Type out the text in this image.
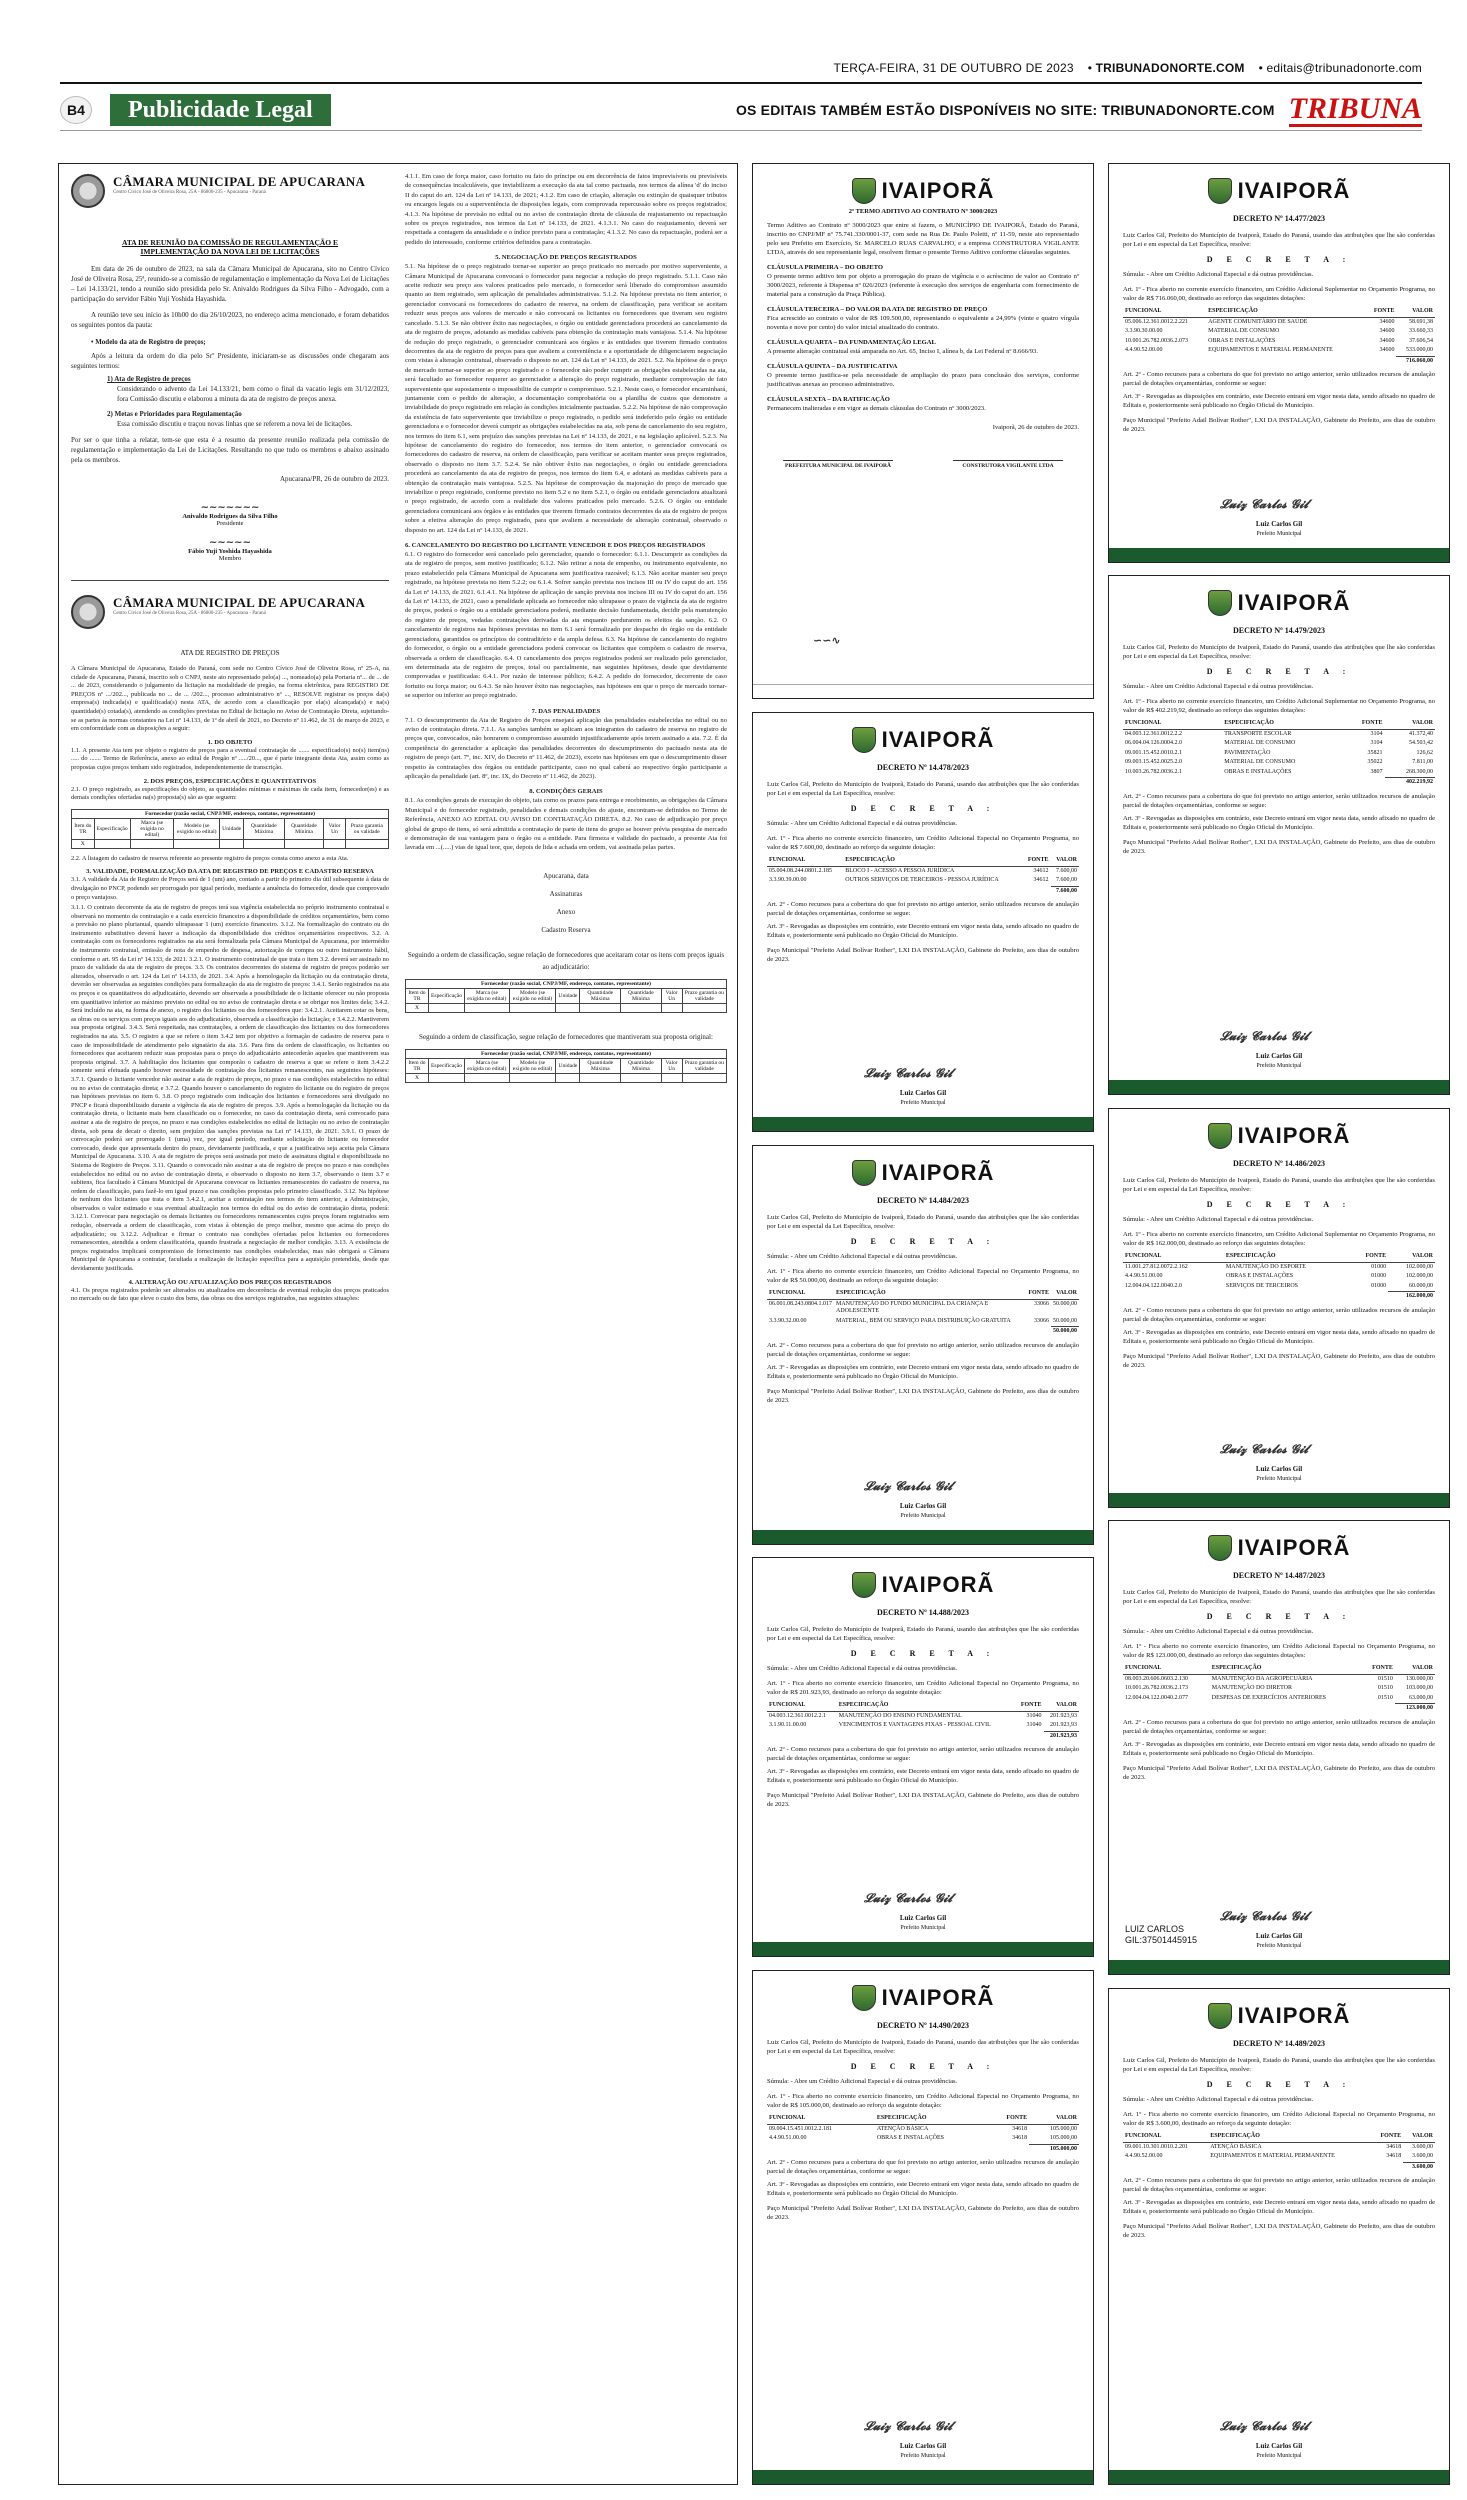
TERÇA-FEIRA, 31 DE OUTUBRO DE 2023 • TRIBUNADONORTE.COM • editais@tribunadonorte.com
B4	Publicidade Legal	OS EDITAIS TAMBÉM ESTÃO DISPONÍVEIS NO SITE: TRIBUNADONORTE.COM TRIBUNA
CÂMARA MUNICIPAL DE APUCARANA
Centro Cívico José de Oliveira Rosa, 25A - 86800-235 - Apucarana - Paraná
ATA DE REUNIÃO DA COMISSÃO DE REGULAMENTAÇÃO E
IMPLEMENTAÇÃO DA NOVA LEI DE LICITAÇÕES

Em data de 26 de outubro de 2023, na sala da Câmara Municipal de Apucarana, sito no Centro Cívico José de Oliveira Rosa, 25ª, reunido-se a comissão de regulamentação e implementação da Nova Lei de Licitações – Lei 14.133/21, tendo a reunião sido presidida pelo Sr. Anivaldo Rodrigues da Silva Filho - Advogado, com a participação do servidor Fábio Yuji Yoshida Hayashida.

A reunião teve seu início às 10h00 do dia 26/10/2023, no endereço acima mencionado, e foram debatidos os seguintes pontos da pauta:

• Modelo da ata de Registro de preços;

Após a leitura da ordem do dia pelo Srº Presidente, iniciaram-se as discussões onde chegaram aos seguintes termos:

1) Ata de Registro de preços

Considerando o advento da Lei 14.133/21, bem como o final da vacatio legis em 31/12/2023, fora Comissão discutiu e elaborou a minuta da ata de registro de preços anexa.

2) Metas e Prioridades para Regulamentação

Essa comissão discutiu e traçou novas linhas que se referem a nova lei de licitações.

Por ser o que tinha a relatar, tem-se que esta é a resumo da presente reunião realizada pela comissão de regulamentação e implementação da Lei de Licitações. Resultando no que tudo os membros e abaixo assinado pela os membros.

Apucarana/PR, 26 de outubro de 2023.

~~~~~~~
Anivaldo Rodrigues da Silva Filho
Presidente
~~~~~
Fábio Yuji Yoshida Hayashida
Membro
CÂMARA MUNICIPAL DE APUCARANA
Centro Cívico José de Oliveira Rosa, 25A - 86800-235 - Apucarana - Paraná
ATA DE REGISTRO DE PREÇOS

A Câmara Municipal de Apucarana, Estado do Paraná, com sede no Centro Cívico José de Oliveira Rosa, nº 25-A, na cidade de Apucarana, Paraná, inscrito sob o CNPJ, neste ato representado pelo(a) ..., nomeado(a) pela Portaria nº... de ... de ... de 2023, considerando o julgamento da licitação na modalidade de pregão, na forma eletrônica, para REGISTRO DE PREÇOS nº .../202..., publicada no ... de ... /202..., processo administrativo nº ..., RESOLVE registrar os preços da(s) empresa(s) indicada(s) e qualificada(s) nesta ATA, de acordo com a classificação por ela(s) alcançada(s) e na(s) quantidade(s) cotada(s), atendendo as condições previstas no Edital de licitação no Aviso de Contratação Direta, sujeitando-se as partes às normas constantes na Lei nº 14.133, de 1º de abril de 2021, no Decreto nº 11.462, de 31 de março de 2023, e em conformidade com as disposições a seguir:

1. DO OBJETO

1.1. A presente Ata tem por objeto o registro de preços para a eventual contratação de ....... especificado(s) no(s) item(ns) ..... do ....... Termo de Referência, anexo ao edital de Pregão nº ...../20..., que é parte integrante desta Ata, assim como as propostas cujos preços tenham sido registrados, independentemente de transcrição.

2. DOS PREÇOS, ESPECIFICAÇÕES E QUANTITATIVOS

2.1. O preço registrado, as especificações do objeto, as quantidades mínimas e máximas de cada item, fornecedor(es) e as demais condições ofertadas na(s) proposta(s) são as que seguem:

Fornecedor (razão social, CNPJ/MF, endereço, contatos, representante)								
Item do TR	Especificação	Marca (se exigida no edital)	Modelo (se exigido no edital)	Unidade	Quantidade Máxima	Quantidade Mínima	Valor Un	Prazo garantia ou validade
X								

2.2. A listagem do cadastro de reserva referente ao presente registro de preços consta como anexo a esta Ata.

3. VALIDADE, FORMALIZAÇÃO DA ATA DE REGISTRO DE PREÇOS E CADASTRO RESERVA

3.1. A validade da Ata de Registro de Preços será de 1 (um) ano, contado a partir do primeiro dia útil subsequente à data de divulgação no PNCP, podendo ser prorrogado por igual período, mediante a anuência do fornecedor, desde que comprovado o preço vantajoso.

3.1.1. O contrato decorrente da ata de registro de preços terá sua vigência estabelecida no próprio instrumento contratual e observará no momento da contratação e a cada exercício financeiro a disponibilidade de créditos orçamentários, bem como a previsão no plano plurianual, quando ultrapassar 1 (um) exercício financeiro. 3.1.2. Na formalização do contrato ou do instrumento substitutivo deverá haver a indicação da disponibilidade dos créditos orçamentários respectivos. 3.2. A contratação com os fornecedores registrados na ata será formalizada pela Câmara Municipal de Apucarana, por intermédio de instrumento contratual, emissão de nota de empenho de despesa, autorização de compra ou outro instrumento hábil, conforme o art. 95 da Lei nº 14.133, de 2021. 3.2.1. O instrumento contratual de que trata o item 3.2. deverá ser assinado no prazo de validade da ata de registro de preços. 3.3. Os contratos decorrentes do sistema de registro de preços poderão ser alterados, observado o art. 124 da Lei nº 14.133, de 2021. 3.4. Após a homologação da licitação ou da contratação direta, deverão ser observadas as seguintes condições para formalização da ata de registro de preços: 3.4.1. Serão registrados na ata os preços e os quantitativos do adjudicatário, devendo ser observada a possibilidade de o licitante oferecer ou não proposta em quantitativo inferior ao máximo previsto no edital ou no aviso de contratação direta e se obrigar nos limites dela; 3.4.2. Será incluído na ata, na forma de anexo, o registro dos licitantes ou dos fornecedores que: 3.4.2.1. Aceitarem cotar os bens, as obras ou os serviços com preços iguais aos do adjudicatário, observada a classificação da licitação; e 3.4.2.2. Mantiverem sua proposta original. 3.4.3. Será respeitada, nas contratações, a ordem de classificação dos licitantes ou dos fornecedores registrados na ata. 3.5. O registro a que se refere o item 3.4.2 tem por objetivo a formação de cadastro de reserva para o caso de impossibilidade de atendimento pelo signatário da ata. 3.6. Para fins da ordem de classificação, os licitantes ou fornecedores que aceitarem reduzir suas propostas para o preço do adjudicatário antecederão aqueles que mantiverem sua proposta original. 3.7. A habilitação dos licitantes que comporão o cadastro de reserva a que se refere o item 3.4.2.2 somente será efetuada quando houver necessidade de contratação dos licitantes remanescentes, nas seguintes hipóteses: 3.7.1. Quando o licitante vencedor não assinar a ata de registro de preços, no prazo e nas condições estabelecidos no edital ou no aviso de contratação direta; e 3.7.2. Quando houver o cancelamento do registro do licitante ou do registro de preços nas hipóteses previstas no item 6. 3.8. O preço registrado com indicação dos licitantes e fornecedores será divulgado no PNCP e ficará disponibilizado durante a vigência da ata de registro de preços. 3.9. Após a homologação da licitação ou da contratação direta, o licitante mais bem classificado ou o fornecedor, no caso da contratação direta, será convocado para assinar a ata de registro de preços, no prazo e nas condições estabelecidos no edital de licitação ou no aviso de contratação direta, sob pena de decair o direito, sem prejuízo das sanções previstas na Lei nº 14.133, de 2021. 3.9.1. O prazo de convocação poderá ser prorrogado 1 (uma) vez, por igual período, mediante solicitação do licitante ou fornecedor convocado, desde que apresentada dentro do prazo, devidamente justificada, e que a justificativa seja aceita pela Câmara Municipal de Apucarana. 3.10. A ata de registro de preços será assinada por meio de assinatura digital e disponibilizada no Sistema de Registro de Preços. 3.11. Quando o convocado não assinar a ata de registro de preços no prazo e nas condições estabelecidos no edital ou no aviso de contratação direta, e observado o disposto no item 3.7, observando o item 3.7 e subitens, fica facultado à Câmara Municipal de Apucarana convocar os licitantes remanescentes do cadastro de reserva, na ordem de classificação, para fazê-lo em igual prazo e nas condições propostas pelo primeiro classificado. 3.12. Na hipótese de nenhum dos licitantes que trata o item 3.4.2.1, aceitar a contratação nos termos do item anterior, a Administração, observados o valor estimado e sua eventual atualização nos termos do edital ou do aviso de contratação direta, poderá: 3.12.1. Convocar para negociação os demais licitantes ou fornecedores remanescentes cujos preços foram registrados sem redução, observada a ordem de classificação, com vistas à obtenção de preço melhor, mesmo que acima do preço do adjudicatário; ou 3.12.2. Adjudicar e firmar o contrato nas condições ofertadas pelos licitantes ou fornecedores remanescentes, atendida a ordem classificatória, quando frustrada a negociação de melhor condição. 3.13. A existência de preços registrados implicará compromisso de fornecimento nas condições estabelecidas, mas não obrigará a Câmara Municipal de Apucarana a contratar, facultada a realização de licitação específica para a aquisição pretendida, desde que devidamente justificada.

4. ALTERAÇÃO OU ATUALIZAÇÃO DOS PREÇOS REGISTRADOS

4.1. Os preços registrados poderão ser alterados ou atualizados em decorrência de eventual redução dos preços praticados no mercado ou de fato que eleve o custo dos bens, das obras ou dos serviços registrados, nas seguintes situações:

4.1.1. Em caso de força maior, caso fortuito ou fato do príncipe ou em decorrência de fatos imprevisíveis ou previsíveis de consequências incalculáveis, que inviabilizem a execução da ata tal como pactuada, nos termos da alínea 'd' do inciso II do caput do art. 124 da Lei nº 14.133, de 2021; 4.1.2. Em caso de criação, alteração ou extinção de quaisquer tributos ou encargos legais ou a superveniência de disposições legais, com comprovada repercussão sobre os preços registrados; 4.1.3. Na hipótese de previsão no edital ou no aviso de contratação direta de cláusula de reajustamento ou repactuação sobre os preços registrados, nos termos da Lei nº 14.133, de 2021. 4.1.3.1. No caso do reajustamento, deverá ser respeitada a contagem da anualidade e o índice previsto para a contratação; 4.1.3.2. No caso da repactuação, poderá ser a pedido do interessado, conforme critérios definidos para a contratação.

5. NEGOCIAÇÃO DE PREÇOS REGISTRADOS

5.1. Na hipótese de o preço registrado tornar-se superior ao preço praticado no mercado por motivo superveniente, a Câmara Municipal de Apucarana convocará o fornecedor para negociar a redução do preço registrado. 5.1.1. Caso não aceite reduzir seu preço aos valores praticados pelo mercado, o fornecedor será liberado do compromisso assumido quanto ao item registrado, sem aplicação de penalidades administrativas. 5.1.2. Na hipótese prevista no item anterior, o gerenciador convocará os fornecedores do cadastro de reserva, na ordem de classificação, para verificar se aceitam reduzir seus preços aos valores de mercado e não convocará os licitantes ou fornecedores que tiveram seu registro cancelado. 5.1.3. Se não obtiver êxito nas negociações, o órgão ou entidade gerenciadora procederá ao cancelamento da ata de registro de preços, adotando as medidas cabíveis para obtenção da contratação mais vantajosa. 5.1.4. Na hipótese de redução do preço registrado, o gerenciador comunicará aos órgãos e às entidades que tiverem firmado contratos decorrentes da ata de registro de preços para que avaliem a conveniência e a oportunidade de diligenciarem negociação com vistas à alteração contratual, observado o disposto no art. 124 da Lei nº 14.133, de 2021. 5.2. Na hipótese de o preço de mercado tornar-se superior ao preço registrado e o fornecedor não poder cumprir as obrigações estabelecidas na ata, será facultado ao fornecedor requerer ao gerenciador a alteração do preço registrado, mediante comprovação de fato superveniente que supostamente o impossibilite de cumprir o compromisso. 5.2.1. Neste caso, o fornecedor encaminhará, juntamente com o pedido de alteração, a documentação comprobatória ou a planilha de custos que demonstre a inviabilidade do preço registrado em relação às condições inicialmente pactuadas. 5.2.2. Na hipótese de não comprovação da existência de fato superveniente que inviabilize o preço registrado, o pedido será indeferido pelo órgão ou entidade gerenciadora e o fornecedor deverá cumprir as obrigações estabelecidas na ata, sob pena de cancelamento do seu registro, nos termos do item 6.1, sem prejuízo das sanções previstas na Lei nº 14.133, de 2021, e na legislação aplicável. 5.2.3. Na hipótese de cancelamento do registro do fornecedor, nos termos do item anterior, o gerenciador convocará os fornecedores do cadastro de reserva, na ordem de classificação, para verificar se aceitam manter seus preços registrados, observado o disposto no item 3.7. 5.2.4. Se não obtiver êxito nas negociações, o órgão ou entidade gerenciadora procederá ao cancelamento da ata de registro de preços, nos termos do item 6.4, e adotará as medidas cabíveis para a obtenção da contratação mais vantajosa. 5.2.5. Na hipótese de comprovação da majoração do preço de mercado que inviabilize o preço registrado, conforme previsto no item 5.2 e no item 5.2.1, o órgão ou entidade gerenciadora atualizará o preço registrado, de acordo com a realidade dos valores praticados pelo mercado. 5.2.6. O órgão ou entidade gerenciadora comunicará aos órgãos e às entidades que tiverem firmado contratos decorrentes da ata de registro de preços sobre a efetiva alteração do preço registrado, para que avaliem a necessidade de alteração contratual, observado o disposto no art. 124 da Lei nº 14.133, de 2021.

6. CANCELAMENTO DO REGISTRO DO LICITANTE VENCEDOR E DOS PREÇOS REGISTRADOS

6.1. O registro do fornecedor será cancelado pelo gerenciador, quando o fornecedor: 6.1.1. Descumprir as condições da ata de registro de preços, sem motivo justificado; 6.1.2. Não retirar a nota de empenho, ou instrumento equivalente, no prazo estabelecido pela Câmara Municipal de Apucarana sem justificativa razoável; 6.1.3. Não aceitar manter seu preço registrado, na hipótese prevista no item 5.2.2; ou 6.1.4. Sofrer sanção prevista nos incisos III ou IV do caput do art. 156 da Lei nº 14.133, de 2021. 6.1.4.1. Na hipótese de aplicação de sanção prevista nos incisos III ou IV do caput do art. 156 da Lei nº 14.133, de 2021, caso a penalidade aplicada ao fornecedor não ultrapasse o prazo de vigência da ata de registro de preços, poderá o órgão ou a entidade gerenciadora poderá, mediante decisão fundamentada, decidir pela manutenção do registro de preços, vedadas contratações derivadas da ata enquanto perdurarem os efeitos da sanção. 6.2. O cancelamento de registros nas hipóteses previstas no item 6.1 será formalizado por despacho do órgão ou da entidade gerenciadora, garantidos os princípios do contraditório e da ampla defesa. 6.3. Na hipótese de cancelamento do registro do fornecedor, o órgão ou a entidade gerenciadora poderá convocar os licitantes que compõem o cadastro de reserva, observada a ordem de classificação. 6.4. O cancelamento dos preços registrados poderá ser realizado pelo gerenciador, em determinada ata de registro de preços, total ou parcialmente, nas seguintes hipóteses, desde que devidamente comprovadas e justificadas: 6.4.1. Por razão de interesse público; 6.4.2. A pedido do fornecedor, decorrente de caso fortuito ou força maior; ou 6.4.3. Se não houver êxito nas negociações, nas hipóteses em que o preço de mercado tornar-se superior ou inferior ao preço registrado.

7. DAS PENALIDADES

7.1. O descumprimento da Ata de Registro de Preços ensejará aplicação das penalidades estabelecidas no edital ou no aviso de contratação direta. 7.1.1. As sanções também se aplicam aos integrantes do cadastro de reserva no registro de preços que, convocados, não honrarem o compromisso assumido injustificadamente após terem assinado a ata. 7.2. É da competência do gerenciador a aplicação das penalidades decorrentes do descumprimento do pactuado nesta ata de registro de preço (art. 7º, inc. XIV, do Decreto nº 11.462, de 2023), exceto nas hipóteses em que o descumprimento disser respeito às contratações dos órgãos ou entidade participante, caso no qual caberá ao respectivo órgão participante a aplicação da penalidade (art. 8º, inc. IX, do Decreto nº 11.462, de 2023).

8. CONDIÇÕES GERAIS

8.1. As condições gerais de execução do objeto, tais como os prazos para entrega e recebimento, as obrigações da Câmara Municipal e do fornecedor registrado, penalidades e demais condições do ajuste, encontram-se definidos no Termo de Referência, ANEXO AO EDITAL OU AVISO DE CONTRATAÇÃO DIRETA. 8.2. No caso de adjudicação por preço global de grupo de itens, só será admitida a contratação de parte de itens do grupo se houver prévia pesquisa de mercado e demonstração de sua vantagem para o órgão ou a entidade. Para firmeza e validade do pactuado, a presente Ata foi lavrada em ...(.....) vias de igual teor, que, depois de lida e achada em ordem, vai assinada pelas partes.

Apucarana, data
Assinaturas
Anexo
Cadastro Reserva

Seguindo a ordem de classificação, segue relação de fornecedores que aceitaram cotar os itens com preços iguais ao adjudicatário:

Fornecedor (razão social, CNPJ/MF, endereço, contatos, representante)								
Item do TR	Especificação	Marca (se exigida no edital)	Modelo (se exigido no edital)	Unidade	Quantidade Máxima	Quantidade Mínima	Valor Un	Prazo garantia ou validade
X								

Seguindo a ordem de classificação, segue relação de fornecedores que mantiveram sua proposta original:

Fornecedor (razão social, CNPJ/MF, endereço, contatos, representante)								
Item do TR	Especificação	Marca (se exigida no edital)	Modelo (se exigido no edital)	Unidade	Quantidade Máxima	Quantidade Mínima	Valor Un	Prazo garantia ou validade
X								
IVAIPORÃ
2º TERMO ADITIVO AO CONTRATO Nº 3000/2023

Termo Aditivo ao Contrato nº 3000/2023 que entre si fazem, o MUNICÍPIO DE IVAIPORÃ, Estado do Paraná, inscrito no CNPJ/MF nº 75.741.330/0001-37, com sede na Rua Dr. Paulo Poletti, nº 11-59, neste ato representado pelo seu Prefeito em Exercício, Sr. MARCELO RUAS CARVALHO, e a empresa CONSTRUTORA VIGILANTE LTDA, através do seu representante legal, resolvem firmar o presente Termo Aditivo conforme cláusulas seguintes.

CLÁUSULA PRIMEIRA – DO OBJETO

O presente termo aditivo tem por objeto a prorrogação do prazo de vigência e o acréscimo de valor ao Contrato nº 3000/2023, referente à Dispensa nº 026/2023 (referente à execução dos serviços de engenharia com fornecimento de material para a construção da Praça Pública).

CLÁUSULA TERCEIRA – DO VALOR DA ATA DE REGISTRO DE PREÇO

Fica acrescido ao contrato o valor de R$ 109.500,00, representando o equivalente a 24,99% (vinte e quatro vírgula noventa e nove por cento) do valor inicial atualizado do contrato.

CLÁUSULA QUARTA – DA FUNDAMENTAÇÃO LEGAL

A presente alteração contratual está amparada no Art. 65, Inciso I, alínea b, da Lei Federal nº 8.666/93.

CLÁUSULA QUINTA – DA JUSTIFICATIVA

O presente termo justifica-se pela necessidade de ampliação do prazo para conclusão dos serviços, conforme justificativas anexas ao processo administrativo.

CLÁUSULA SEXTA – DA RATIFICAÇÃO

Permanecem inalteradas e em vigor as demais cláusulas do Contrato nº 3000/2023.

Ivaiporã, 26 de outubro de 2023.

PREFEITURA MUNICIPAL DE IVAIPORÃ	CONSTRUTORA VIGILANTE LTDA
∽∽∿
IVAIPORÃ
DECRETO Nº 14.477/2023

Luiz Carlos Gil, Prefeito do Município de Ivaiporã, Estado do Paraná, usando das atribuições que lhe são conferidas por Lei e em especial da Lei Específica, resolve:

D E C R E T A :

Súmula: - Abre um Crédito Adicional Especial e dá outras providências.

Art. 1º - Fica aberto no corrente exercício financeiro, um Crédito Adicional Suplementar no Orçamento Programa, no valor de R$ 716.060,00, destinado ao reforço das seguintes dotações:

FUNCIONAL	ESPECIFICAÇÃO	FONTE	VALOR
05.006.12.361.0012.2.221	AGENTE COMUNITÁRIO DE SAÚDE	34600	58.691,38
3.3.90.30.00.00	MATERIAL DE CONSUMO	34600	33.660,33
10.001.26.782.0036.2.073	OBRAS E INSTALAÇÕES	34600	37.606,54
4.4.90.52.00.00	EQUIPAMENTOS E MATERIAL PERMANENTE	34600	533.000,00
			716.060,00

Art. 2º - Como recursos para a cobertura do que foi previsto no artigo anterior, serão utilizados recursos de anulação parcial de dotações orçamentárias, conforme se segue:

Art. 3º - Revogadas as disposições em contrário, este Decreto entrará em vigor nesta data, sendo afixado no quadro de Editais e, posteriormente será publicado no Órgão Oficial do Município.

Paço Municipal "Prefeito Adail Bolívar Rother", LXI DA INSTALAÇÃO, Gabinete do Prefeito, aos dias de outubro de 2023.

𝓛𝓾𝓲𝔃 𝓒𝓪𝓻𝓵𝓸𝓼 𝓖𝓲𝓵
Luiz Carlos Gil
Prefeito Municipal
IVAIPORÃ
DECRETO Nº 14.478/2023

Luiz Carlos Gil, Prefeito do Município de Ivaiporã, Estado do Paraná, usando das atribuições que lhe são conferidas por Lei e em especial da Lei Específica, resolve:

D E C R E T A :

Súmula: - Abre um Crédito Adicional Especial e dá outras providências.

Art. 1º - Fica aberto no corrente exercício financeiro, um Crédito Adicional Especial no Orçamento Programa, no valor de R$ 7.600,00, destinado ao reforço da seguinte dotação:

FUNCIONAL	ESPECIFICAÇÃO	FONTE	VALOR
05.004.08.244.0801.2.185	BLOCO I - ACESSO A PESSOA JURÍDICA	34612	7.600,00
3.3.90.39.00.00	OUTROS SERVIÇOS DE TERCEIROS - PESSOA JURÍDICA	34612	7.600,00
			7.600,00

Art. 2º - Como recursos para a cobertura do que foi previsto no artigo anterior, serão utilizados recursos de anulação parcial de dotações orçamentárias, conforme se segue:

Art. 3º - Revogadas as disposições em contrário, este Decreto entrará em vigor nesta data, sendo afixado no quadro de Editais e, posteriormente será publicado no Órgão Oficial do Município.

Paço Municipal "Prefeito Adail Bolívar Rother", LXI DA INSTALAÇÃO, Gabinete do Prefeito, aos dias de outubro de 2023.

𝓛𝓾𝓲𝔃 𝓒𝓪𝓻𝓵𝓸𝓼 𝓖𝓲𝓵
Luiz Carlos Gil
Prefeito Municipal
IVAIPORÃ
DECRETO Nº 14.479/2023

Luiz Carlos Gil, Prefeito do Município de Ivaiporã, Estado do Paraná, usando das atribuições que lhe são conferidas por Lei e em especial da Lei Específica, resolve:

D E C R E T A :

Súmula: - Abre um Crédito Adicional Especial e dá outras providências.

Art. 1º - Fica aberto no corrente exercício financeiro, um Crédito Adicional Suplementar no Orçamento Programa, no valor de R$ 402.219,92, destinado ao reforço das seguintes dotações:

FUNCIONAL	ESPECIFICAÇÃO	FONTE	VALOR
04.003.12.361.0012.2.2	TRANSPORTE ESCOLAR	3104	41.372,40
06.004.04.126.0004.2.0	MATERIAL DE CONSUMO	3104	54.503,42
09.001.15.452.0010.2.1	PAVIMENTAÇÃO	35821	126,62
09.003.15.452.0025.2.0	MATERIAL DE CONSUMO	35022	7.811,00
10.003.26.782.0036.2.1	OBRAS E INSTALAÇÕES	3807	268.300,00
			402.219,92

Art. 2º - Como recursos para a cobertura do que foi previsto no artigo anterior, serão utilizados recursos de anulação parcial de dotações orçamentárias, conforme se segue:

Art. 3º - Revogadas as disposições em contrário, este Decreto entrará em vigor nesta data, sendo afixado no quadro de Editais e, posteriormente será publicado no Órgão Oficial do Município.

Paço Municipal "Prefeito Adail Bolívar Rother", LXI DA INSTALAÇÃO, Gabinete do Prefeito, aos dias de outubro de 2023.

𝓛𝓾𝓲𝔃 𝓒𝓪𝓻𝓵𝓸𝓼 𝓖𝓲𝓵
Luiz Carlos Gil
Prefeito Municipal
IVAIPORÃ
DECRETO Nº 14.484/2023

Luiz Carlos Gil, Prefeito do Município de Ivaiporã, Estado do Paraná, usando das atribuições que lhe são conferidas por Lei e em especial da Lei Específica, resolve:

D E C R E T A :

Súmula: - Abre um Crédito Adicional Especial e dá outras providências.

Art. 1º - Fica aberto no corrente exercício financeiro, um Crédito Adicional Especial no Orçamento Programa, no valor de R$ 50.000,00, destinado ao reforço da seguinte dotação:

FUNCIONAL	ESPECIFICAÇÃO	FONTE	VALOR
06.001.08.243.0804.1.017	MANUTENÇÃO DO FUNDO MUNICIPAL DA CRIANÇA E ADOLESCENTE	33066	50.000,00
3.3.90.32.00.00	MATERIAL, BEM OU SERVIÇO PARA DISTRIBUIÇÃO GRATUITA	33066	50.000,00
			50.000,00

Art. 2º - Como recursos para a cobertura do que foi previsto no artigo anterior, serão utilizados recursos de anulação parcial de dotações orçamentárias, conforme se segue:

Art. 3º - Revogadas as disposições em contrário, este Decreto entrará em vigor nesta data, sendo afixado no quadro de Editais e, posteriormente será publicado no Órgão Oficial do Município.

Paço Municipal "Prefeito Adail Bolívar Rother", LXI DA INSTALAÇÃO, Gabinete do Prefeito, aos dias de outubro de 2023.

𝓛𝓾𝓲𝔃 𝓒𝓪𝓻𝓵𝓸𝓼 𝓖𝓲𝓵
Luiz Carlos Gil
Prefeito Municipal
IVAIPORÃ
DECRETO Nº 14.486/2023

Luiz Carlos Gil, Prefeito do Município de Ivaiporã, Estado do Paraná, usando das atribuições que lhe são conferidas por Lei e em especial da Lei Específica, resolve:

D E C R E T A :

Súmula: - Abre um Crédito Adicional Especial e dá outras providências.

Art. 1º - Fica aberto no corrente exercício financeiro, um Crédito Adicional Suplementar no Orçamento Programa, no valor de R$ 162.000,00, destinado ao reforço das seguintes dotações:

FUNCIONAL	ESPECIFICAÇÃO	FONTE	VALOR
11.001.27.812.0072.2.162	MANUTENÇÃO DO ESPORTE	01000	102.000,00
4.4.90.51.00.00	OBRAS E INSTALAÇÕES	01000	102.000,00
12.004.04.122.0040.2.0	SERVIÇOS DE TERCEIROS	01000	60.000,00
			162.000,00

Art. 2º - Como recursos para a cobertura do que foi previsto no artigo anterior, serão utilizados recursos de anulação parcial de dotações orçamentárias, conforme se segue:

Art. 3º - Revogadas as disposições em contrário, este Decreto entrará em vigor nesta data, sendo afixado no quadro de Editais e, posteriormente será publicado no Órgão Oficial do Município.

Paço Municipal "Prefeito Adail Bolívar Rother", LXI DA INSTALAÇÃO, Gabinete do Prefeito, aos dias de outubro de 2023.

𝓛𝓾𝓲𝔃 𝓒𝓪𝓻𝓵𝓸𝓼 𝓖𝓲𝓵
Luiz Carlos Gil
Prefeito Municipal
IVAIPORÃ
DECRETO Nº 14.488/2023

Luiz Carlos Gil, Prefeito do Município de Ivaiporã, Estado do Paraná, usando das atribuições que lhe são conferidas por Lei e em especial da Lei Específica, resolve:

D E C R E T A :

Súmula: - Abre um Crédito Adicional Especial e dá outras providências.

Art. 1º - Fica aberto no corrente exercício financeiro, um Crédito Adicional Especial no Orçamento Programa, no valor de R$ 201.923,93, destinado ao reforço da seguinte dotação:

FUNCIONAL	ESPECIFICAÇÃO	FONTE	VALOR
04.003.12.361.0012.2.1	MANUTENÇÃO DO ENSINO FUNDAMENTAL	31040	201.923,93
3.1.90.11.00.00	VENCIMENTOS E VANTAGENS FIXAS - PESSOAL CIVIL	31040	201.923,93
			201.923,93

Art. 2º - Como recursos para a cobertura do que foi previsto no artigo anterior, serão utilizados recursos de anulação parcial de dotações orçamentárias, conforme se segue:

Art. 3º - Revogadas as disposições em contrário, este Decreto entrará em vigor nesta data, sendo afixado no quadro de Editais e, posteriormente será publicado no Órgão Oficial do Município.

Paço Municipal "Prefeito Adail Bolívar Rother", LXI DA INSTALAÇÃO, Gabinete do Prefeito, aos dias de outubro de 2023.

𝓛𝓾𝓲𝔃 𝓒𝓪𝓻𝓵𝓸𝓼 𝓖𝓲𝓵
Luiz Carlos Gil
Prefeito Municipal
IVAIPORÃ
DECRETO Nº 14.487/2023

Luiz Carlos Gil, Prefeito do Município de Ivaiporã, Estado do Paraná, usando das atribuições que lhe são conferidas por Lei e em especial da Lei Específica, resolve:

D E C R E T A :

Súmula: - Abre um Crédito Adicional Especial e dá outras providências.

Art. 1º - Fica aberto no corrente exercício financeiro, um Crédito Adicional Especial no Orçamento Programa, no valor de R$ 123.000,00, destinado ao reforço das seguintes dotações:

FUNCIONAL	ESPECIFICAÇÃO	FONTE	VALOR
08.003.20.606.0603.2.130	MANUTENÇÃO DA AGROPECUÁRIA	01510	130.000,00
10.001.26.782.0036.2.173	MANUTENÇÃO DO DIRETOR	01510	103.000,00
12.004.04.122.0040.2.077	DESPESAS DE EXERCÍCIOS ANTERIORES	01510	63.000,00
			123.000,00

Art. 2º - Como recursos para a cobertura do que foi previsto no artigo anterior, serão utilizados recursos de anulação parcial de dotações orçamentárias, conforme se segue:

Art. 3º - Revogadas as disposições em contrário, este Decreto entrará em vigor nesta data, sendo afixado no quadro de Editais e, posteriormente será publicado no Órgão Oficial do Município.

Paço Municipal "Prefeito Adail Bolívar Rother", LXI DA INSTALAÇÃO, Gabinete do Prefeito, aos dias de outubro de 2023.

𝓛𝓾𝓲𝔃 𝓒𝓪𝓻𝓵𝓸𝓼 𝓖𝓲𝓵
Luiz Carlos Gil
Prefeito Municipal
LUIZ CARLOS GIL:37501445915
IVAIPORÃ
DECRETO Nº 14.490/2023

Luiz Carlos Gil, Prefeito do Município de Ivaiporã, Estado do Paraná, usando das atribuições que lhe são conferidas por Lei e em especial da Lei Específica, resolve:

D E C R E T A :

Súmula: - Abre um Crédito Adicional Especial e dá outras providências.

Art. 1º - Fica aberto no corrente exercício financeiro, um Crédito Adicional Especial no Orçamento Programa, no valor de R$ 105.000,00, destinado ao reforço da seguinte dotação:

FUNCIONAL	ESPECIFICAÇÃO	FONTE	VALOR
09.004.15.451.0012.2.181	ATENÇÃO BÁSICA	34618	105.000,00
4.4.90.51.00.00	OBRAS E INSTALAÇÕES	34618	105.000,00
			105.000,00

Art. 2º - Como recursos para a cobertura do que foi previsto no artigo anterior, serão utilizados recursos de anulação parcial de dotações orçamentárias, conforme se segue:

Art. 3º - Revogadas as disposições em contrário, este Decreto entrará em vigor nesta data, sendo afixado no quadro de Editais e, posteriormente será publicado no Órgão Oficial do Município.

Paço Municipal "Prefeito Adail Bolívar Rother", LXI DA INSTALAÇÃO, Gabinete do Prefeito, aos dias de outubro de 2023.

𝓛𝓾𝓲𝔃 𝓒𝓪𝓻𝓵𝓸𝓼 𝓖𝓲𝓵
Luiz Carlos Gil
Prefeito Municipal
IVAIPORÃ
DECRETO Nº 14.489/2023

Luiz Carlos Gil, Prefeito do Município de Ivaiporã, Estado do Paraná, usando das atribuições que lhe são conferidas por Lei e em especial da Lei Específica, resolve:

D E C R E T A :

Súmula: - Abre um Crédito Adicional Especial e dá outras providências.

Art. 1º - Fica aberto no corrente exercício financeiro, um Crédito Adicional Especial no Orçamento Programa, no valor de R$ 3.600,00, destinado ao reforço da seguinte dotação:

FUNCIONAL	ESPECIFICAÇÃO	FONTE	VALOR
09.001.10.301.0010.2.201	ATENÇÃO BÁSICA	34618	3.600,00
4.4.90.52.00.00	EQUIPAMENTOS E MATERIAL PERMANENTE	34618	3.600,00
			3.600,00

Art. 2º - Como recursos para a cobertura do que foi previsto no artigo anterior, serão utilizados recursos de anulação parcial de dotações orçamentárias, conforme se segue:

Art. 3º - Revogadas as disposições em contrário, este Decreto entrará em vigor nesta data, sendo afixado no quadro de Editais e, posteriormente será publicado no Órgão Oficial do Município.

Paço Municipal "Prefeito Adail Bolívar Rother", LXI DA INSTALAÇÃO, Gabinete do Prefeito, aos dias de outubro de 2023.

𝓛𝓾𝓲𝔃 𝓒𝓪𝓻𝓵𝓸𝓼 𝓖𝓲𝓵
Luiz Carlos Gil
Prefeito Municipal
